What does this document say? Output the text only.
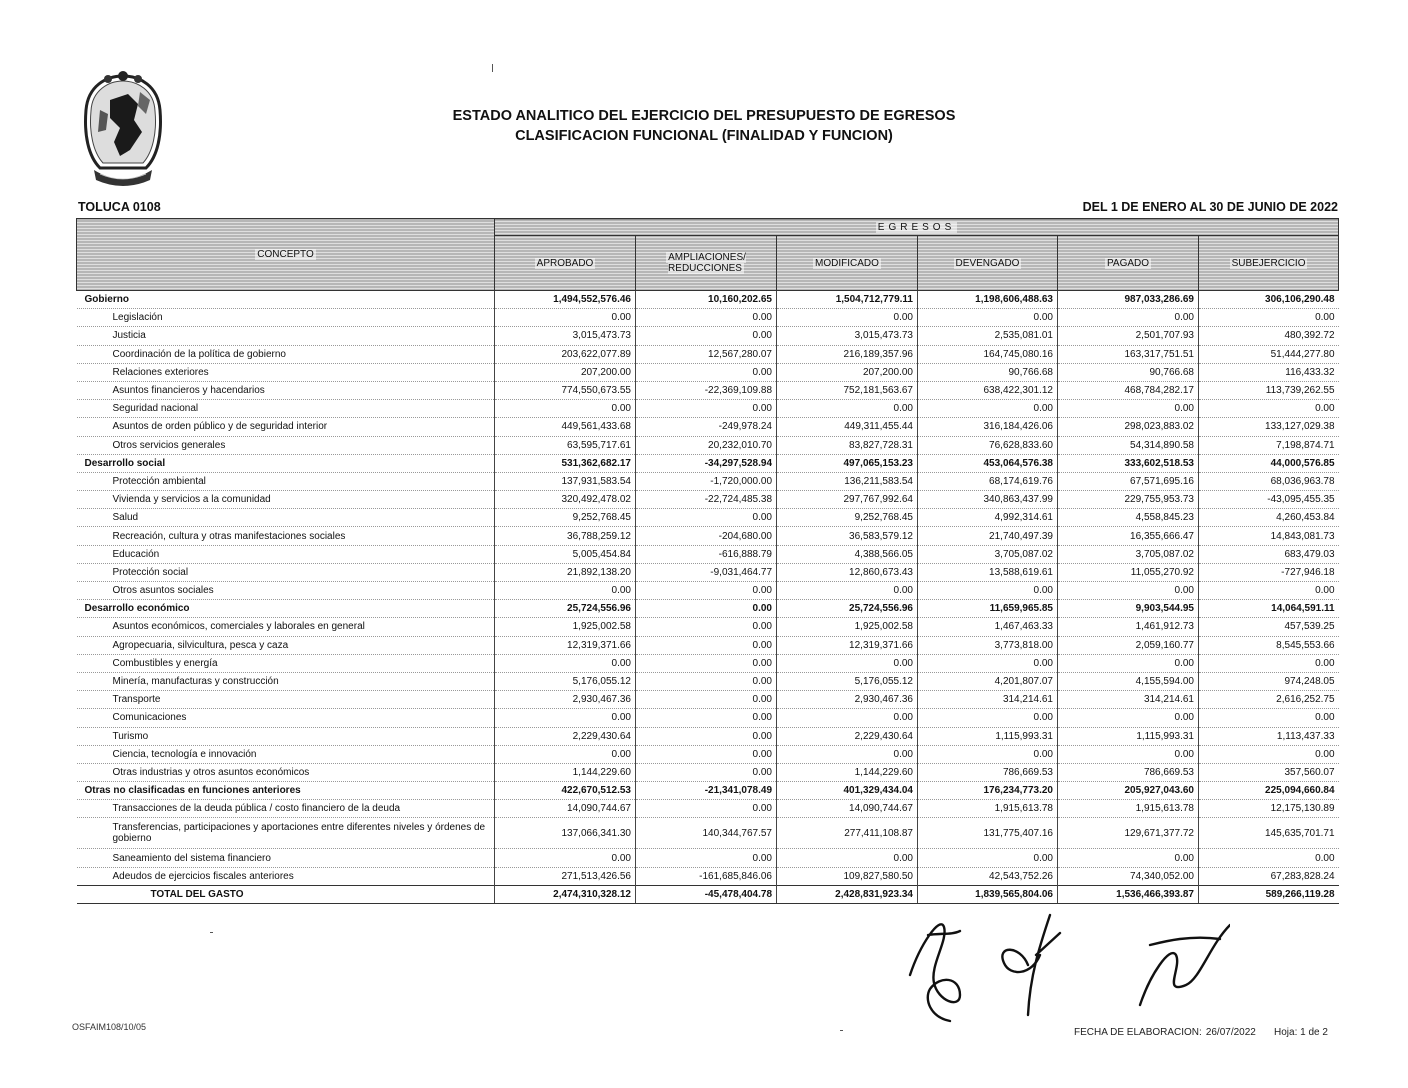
ESTADO ANALITICO DEL EJERCICIO DEL PRESUPUESTO DE EGRESOS
CLASIFICACION FUNCIONAL (FINALIDAD Y FUNCION)
TOLUCA 0108	DEL 1 DE ENERO AL 30 DE JUNIO DE 2022
CONCEPTO	EGRESOS					
	APROBADO	AMPLIACIONES/ REDUCCIONES	MODIFICADO	DEVENGADO	PAGADO	SUBEJERCICIO
Gobierno	1,494,552,576.46	10,160,202.65	1,504,712,779.11	1,198,606,488.63	987,033,286.69	306,106,290.48
Legislación	0.00	0.00	0.00	0.00	0.00	0.00
Justicia	3,015,473.73	0.00	3,015,473.73	2,535,081.01	2,501,707.93	480,392.72
Coordinación de la política de gobierno	203,622,077.89	12,567,280.07	216,189,357.96	164,745,080.16	163,317,751.51	51,444,277.80
Relaciones exteriores	207,200.00	0.00	207,200.00	90,766.68	90,766.68	116,433.32
Asuntos financieros y hacendarios	774,550,673.55	-22,369,109.88	752,181,563.67	638,422,301.12	468,784,282.17	113,739,262.55
Seguridad nacional	0.00	0.00	0.00	0.00	0.00	0.00
Asuntos de orden público y de seguridad interior	449,561,433.68	-249,978.24	449,311,455.44	316,184,426.06	298,023,883.02	133,127,029.38
Otros servicios generales	63,595,717.61	20,232,010.70	83,827,728.31	76,628,833.60	54,314,890.58	7,198,874.71
Desarrollo social	531,362,682.17	-34,297,528.94	497,065,153.23	453,064,576.38	333,602,518.53	44,000,576.85
Protección ambiental	137,931,583.54	-1,720,000.00	136,211,583.54	68,174,619.76	67,571,695.16	68,036,963.78
Vivienda y servicios a la comunidad	320,492,478.02	-22,724,485.38	297,767,992.64	340,863,437.99	229,755,953.73	-43,095,455.35
Salud	9,252,768.45	0.00	9,252,768.45	4,992,314.61	4,558,845.23	4,260,453.84
Recreación, cultura y otras manifestaciones sociales	36,788,259.12	-204,680.00	36,583,579.12	21,740,497.39	16,355,666.47	14,843,081.73
Educación	5,005,454.84	-616,888.79	4,388,566.05	3,705,087.02	3,705,087.02	683,479.03
Protección social	21,892,138.20	-9,031,464.77	12,860,673.43	13,588,619.61	11,055,270.92	-727,946.18
Otros asuntos sociales	0.00	0.00	0.00	0.00	0.00	0.00
Desarrollo económico	25,724,556.96	0.00	25,724,556.96	11,659,965.85	9,903,544.95	14,064,591.11
Asuntos económicos, comerciales y laborales en general	1,925,002.58	0.00	1,925,002.58	1,467,463.33	1,461,912.73	457,539.25
Agropecuaria, silvicultura, pesca y caza	12,319,371.66	0.00	12,319,371.66	3,773,818.00	2,059,160.77	8,545,553.66
Combustibles y energía	0.00	0.00	0.00	0.00	0.00	0.00
Minería, manufacturas y construcción	5,176,055.12	0.00	5,176,055.12	4,201,807.07	4,155,594.00	974,248.05
Transporte	2,930,467.36	0.00	2,930,467.36	314,214.61	314,214.61	2,616,252.75
Comunicaciones	0.00	0.00	0.00	0.00	0.00	0.00
Turismo	2,229,430.64	0.00	2,229,430.64	1,115,993.31	1,115,993.31	1,113,437.33
Ciencia, tecnología e innovación	0.00	0.00	0.00	0.00	0.00	0.00
Otras industrias y otros asuntos económicos	1,144,229.60	0.00	1,144,229.60	786,669.53	786,669.53	357,560.07
Otras no clasificadas en funciones anteriores	422,670,512.53	-21,341,078.49	401,329,434.04	176,234,773.20	205,927,043.60	225,094,660.84
Transacciones de la deuda pública / costo financiero de la deuda	14,090,744.67	0.00	14,090,744.67	1,915,613.78	1,915,613.78	12,175,130.89
Transferencias, participaciones y aportaciones entre diferentes niveles y órdenes de gobierno	137,066,341.30	140,344,767.57	277,411,108.87	131,775,407.16	129,671,377.72	145,635,701.71
Saneamiento del sistema financiero	0.00	0.00	0.00	0.00	0.00	0.00
Adeudos de ejercicios fiscales anteriores	271,513,426.56	-161,685,846.06	109,827,580.50	42,543,752.26	74,340,052.00	67,283,828.24
TOTAL DEL GASTO	2,474,310,328.12	-45,478,404.78	2,428,831,923.34	1,839,565,804.06	1,536,466,393.87	589,266,119.28
OSFAIM108/10/05	FECHA DE ELABORACION: 26/07/2022 Hoja: 1 de 2
